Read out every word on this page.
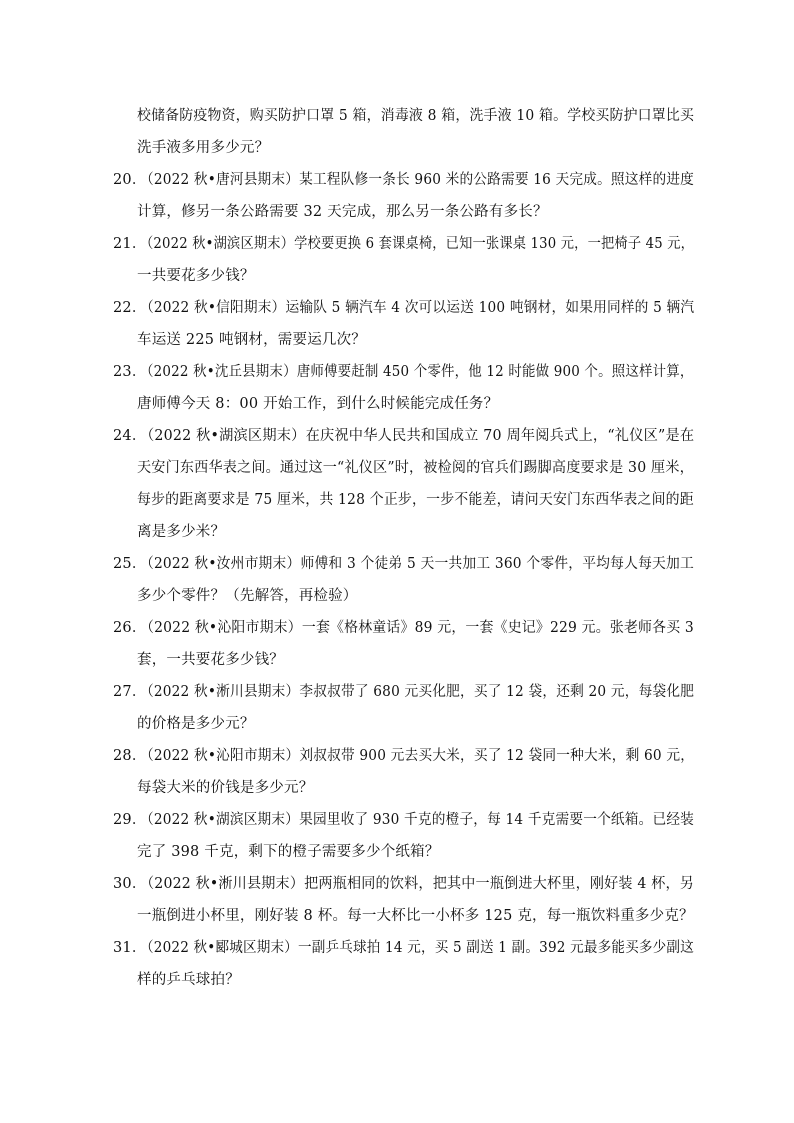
校储备防疫物资，购买防护口罩 5 箱，消毒液 8 箱，洗手液 10 箱。学校买防护口罩比买
洗手液多用多少元？
20．
（2022 秋•唐河县期末）某工程队修一条长 960 米的公路需要 16 天完成。照这样的进度
计算，修另一条公路需要 32 天完成，那么另一条公路有多长？
21．
（2022 秋•湖滨区期末）学校要更换 6 套课桌椅，已知一张课桌 130 元，一把椅子 45 元，
一共要花多少钱？
22．
（2022 秋•信阳期末）运输队 5 辆汽车 4 次可以运送 100 吨钢材，如果用同样的 5 辆汽
车运送 225 吨钢材，需要运几次？
23．
（2022 秋•沈丘县期末）唐师傅要赶制 450 个零件，他 12 时能做 900 个。照这样计算，
唐师傅今天 8：00 开始工作，到什么时候能完成任务？
24．
（2022 秋•湖滨区期末）在庆祝中华人民共和国成立 70 周年阅兵式上，“礼仪区”是在
天安门东西华表之间。通过这一“礼仪区”时，被检阅的官兵们踢脚高度要求是 30 厘米，
每步的距离要求是 75 厘米，共 128 个正步，一步不能差，请问天安门东西华表之间的距
离是多少米？
25．
（2022 秋•汝州市期末）师傅和 3 个徒弟 5 天一共加工 360 个零件，平均每人每天加工
多少个零件？（先解答，再检验）
26．
（2022 秋•沁阳市期末）一套《格林童话》89 元，一套《史记》229 元。张老师各买 3
套，一共要花多少钱？
27．
（2022 秋•淅川县期末）李叔叔带了 680 元买化肥，买了 12 袋，还剩 20 元，每袋化肥
的价格是多少元？
28．
（2022 秋•沁阳市期末）刘叔叔带 900 元去买大米，买了 12 袋同一种大米，剩 60 元，
每袋大米的价钱是多少元？
29．
（2022 秋•湖滨区期末）果园里收了 930 千克的橙子，每 14 千克需要一个纸箱。已经装
完了 398 千克，剩下的橙子需要多少个纸箱？
30．
（2022 秋•淅川县期末）把两瓶相同的饮料，把其中一瓶倒进大杯里，刚好装 4 杯，另
一瓶倒进小杯里，刚好装 8 杯。每一大杯比一小杯多 125 克，每一瓶饮料重多少克？
31．
（2022 秋•郾城区期末）一副乒乓球拍 14 元，买 5 副送 1 副。392 元最多能买多少副这
样的乒乓球拍？
